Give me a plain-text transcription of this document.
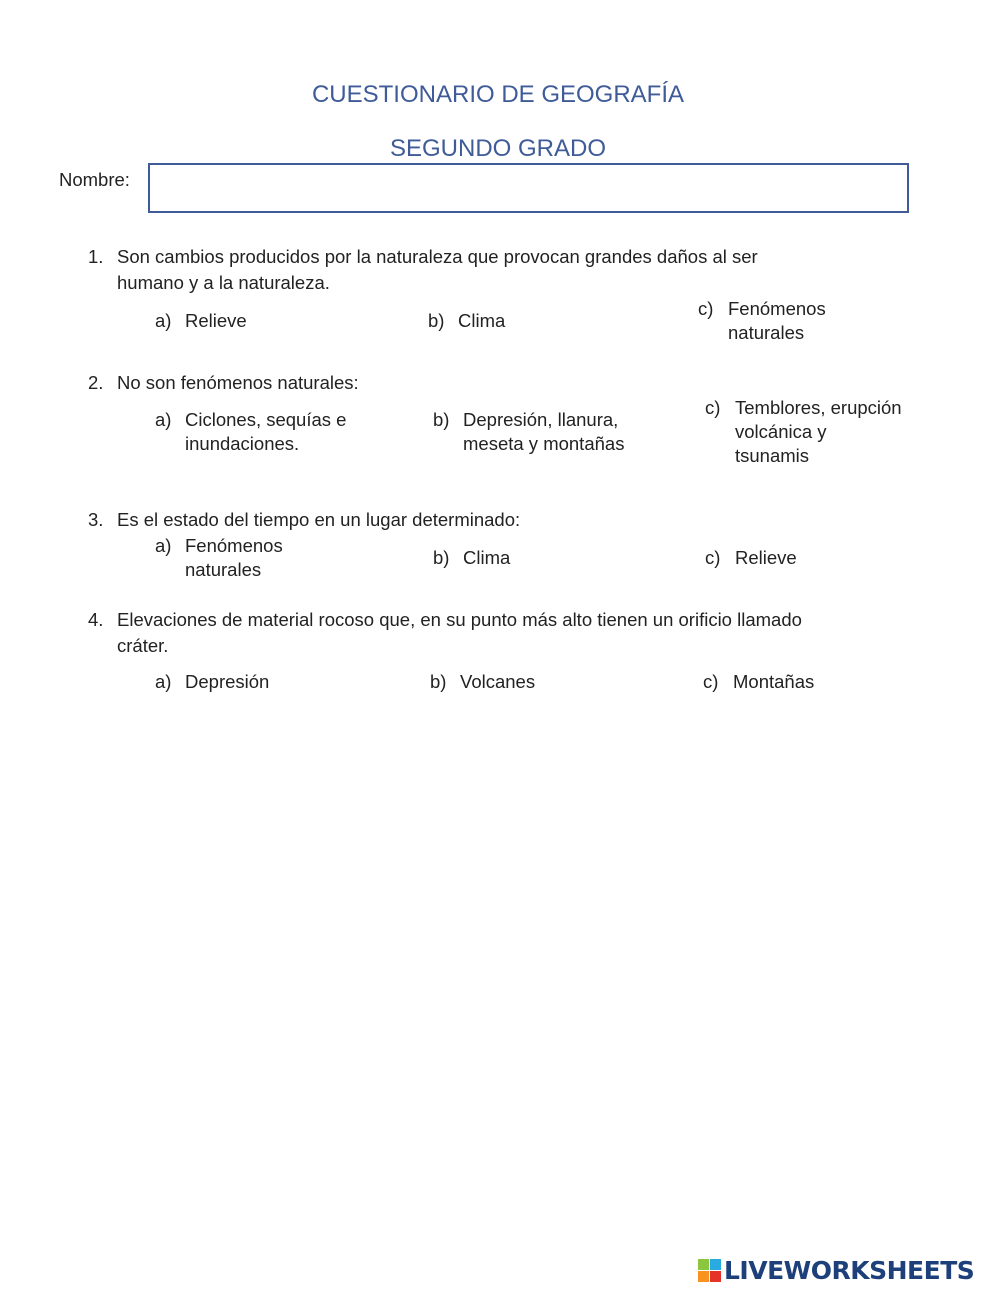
CUESTIONARIO DE GEOGRAFÍA
SEGUNDO GRADO
Nombre:
1. Son cambios producidos por la naturaleza que provocan grandes daños al ser
humano y a la naturaleza.
a) Relieve	b) Clima
c) Fenómenos
naturales
2. No son fenómenos naturales:
a) Ciclones, sequías e
inundaciones.
b) Depresión, llanura,
meseta y montañas
c) Temblores, erupción
volcánica y
tsunamis
3. Es el estado del tiempo en un lugar determinado:
a) Fenómenos
naturales
b) Clima	c) Relieve
4. Elevaciones de material rocoso que, en su punto más alto tienen un orificio llamado
cráter.
a) Depresión	b) Volcanes	c) Montañas
LIVEWORKSHEETS
